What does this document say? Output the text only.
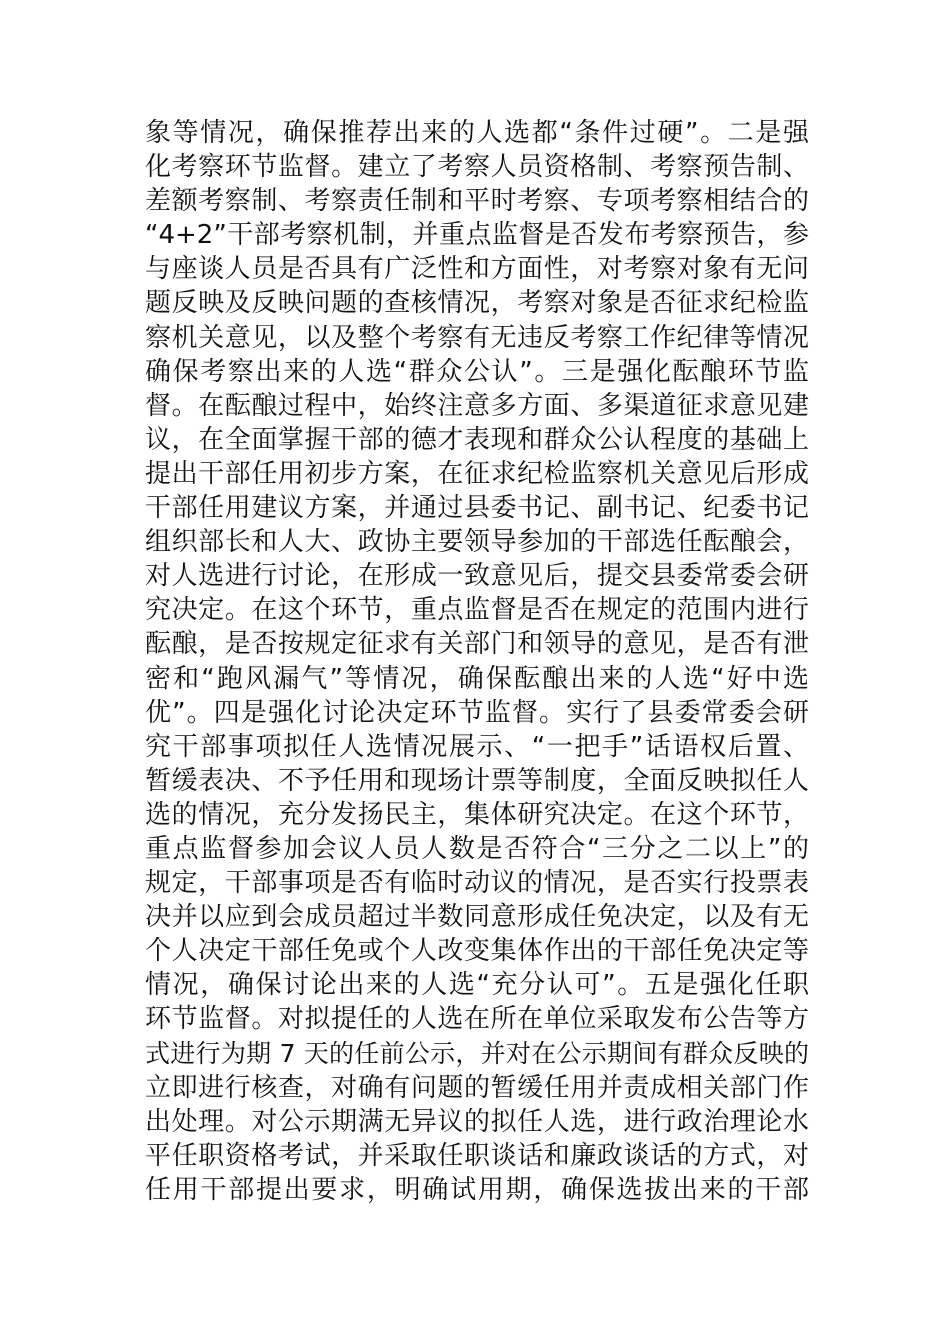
象等情况，确保推荐出来的人选都“条件过硬”。二是强
化考察环节监督。建立了考察人员资格制、考察预告制、
差额考察制、考察责任制和平时考察、专项考察相结合的
“4+2”干部考察机制，并重点监督是否发布考察预告，参
与座谈人员是否具有广泛性和方面性，对考察对象有无问
题反映及反映问题的查核情况，考察对象是否征求纪检监
察机关意见，以及整个考察有无违反考察工作纪律等情况
确保考察出来的人选“群众公认”。三是强化酝酿环节监
督。在酝酿过程中，始终注意多方面、多渠道征求意见建
议，在全面掌握干部的德才表现和群众公认程度的基础上
提出干部任用初步方案，在征求纪检监察机关意见后形成
干部任用建议方案，并通过县委书记、副书记、纪委书记
组织部长和人大、政协主要领导参加的干部选任酝酿会，
对人选进行讨论，在形成一致意见后，提交县委常委会研
究决定。在这个环节，重点监督是否在规定的范围内进行
酝酿，是否按规定征求有关部门和领导的意见，是否有泄
密和“跑风漏气”等情况，确保酝酿出来的人选“好中选
优”。四是强化讨论决定环节监督。实行了县委常委会研
究干部事项拟任人选情况展示、“一把手”话语权后置、
暂缓表决、不予任用和现场计票等制度，全面反映拟任人
选的情况，充分发扬民主，集体研究决定。在这个环节，
重点监督参加会议人员人数是否符合“三分之二以上”的
规定，干部事项是否有临时动议的情况，是否实行投票表
决并以应到会成员超过半数同意形成任免决定，以及有无
个人决定干部任免或个人改变集体作出的干部任免决定等
情况，确保讨论出来的人选“充分认可”。五是强化任职
环节监督。对拟提任的人选在所在单位采取发布公告等方
式进行为期 7 天的任前公示，并对在公示期间有群众反映的
立即进行核查，对确有问题的暂缓任用并责成相关部门作
出处理。对公示期满无异议的拟任人选，进行政治理论水
平任职资格考试，并采取任职谈话和廉政谈话的方式，对
任用干部提出要求，明确试用期，确保选拔出来的干部
